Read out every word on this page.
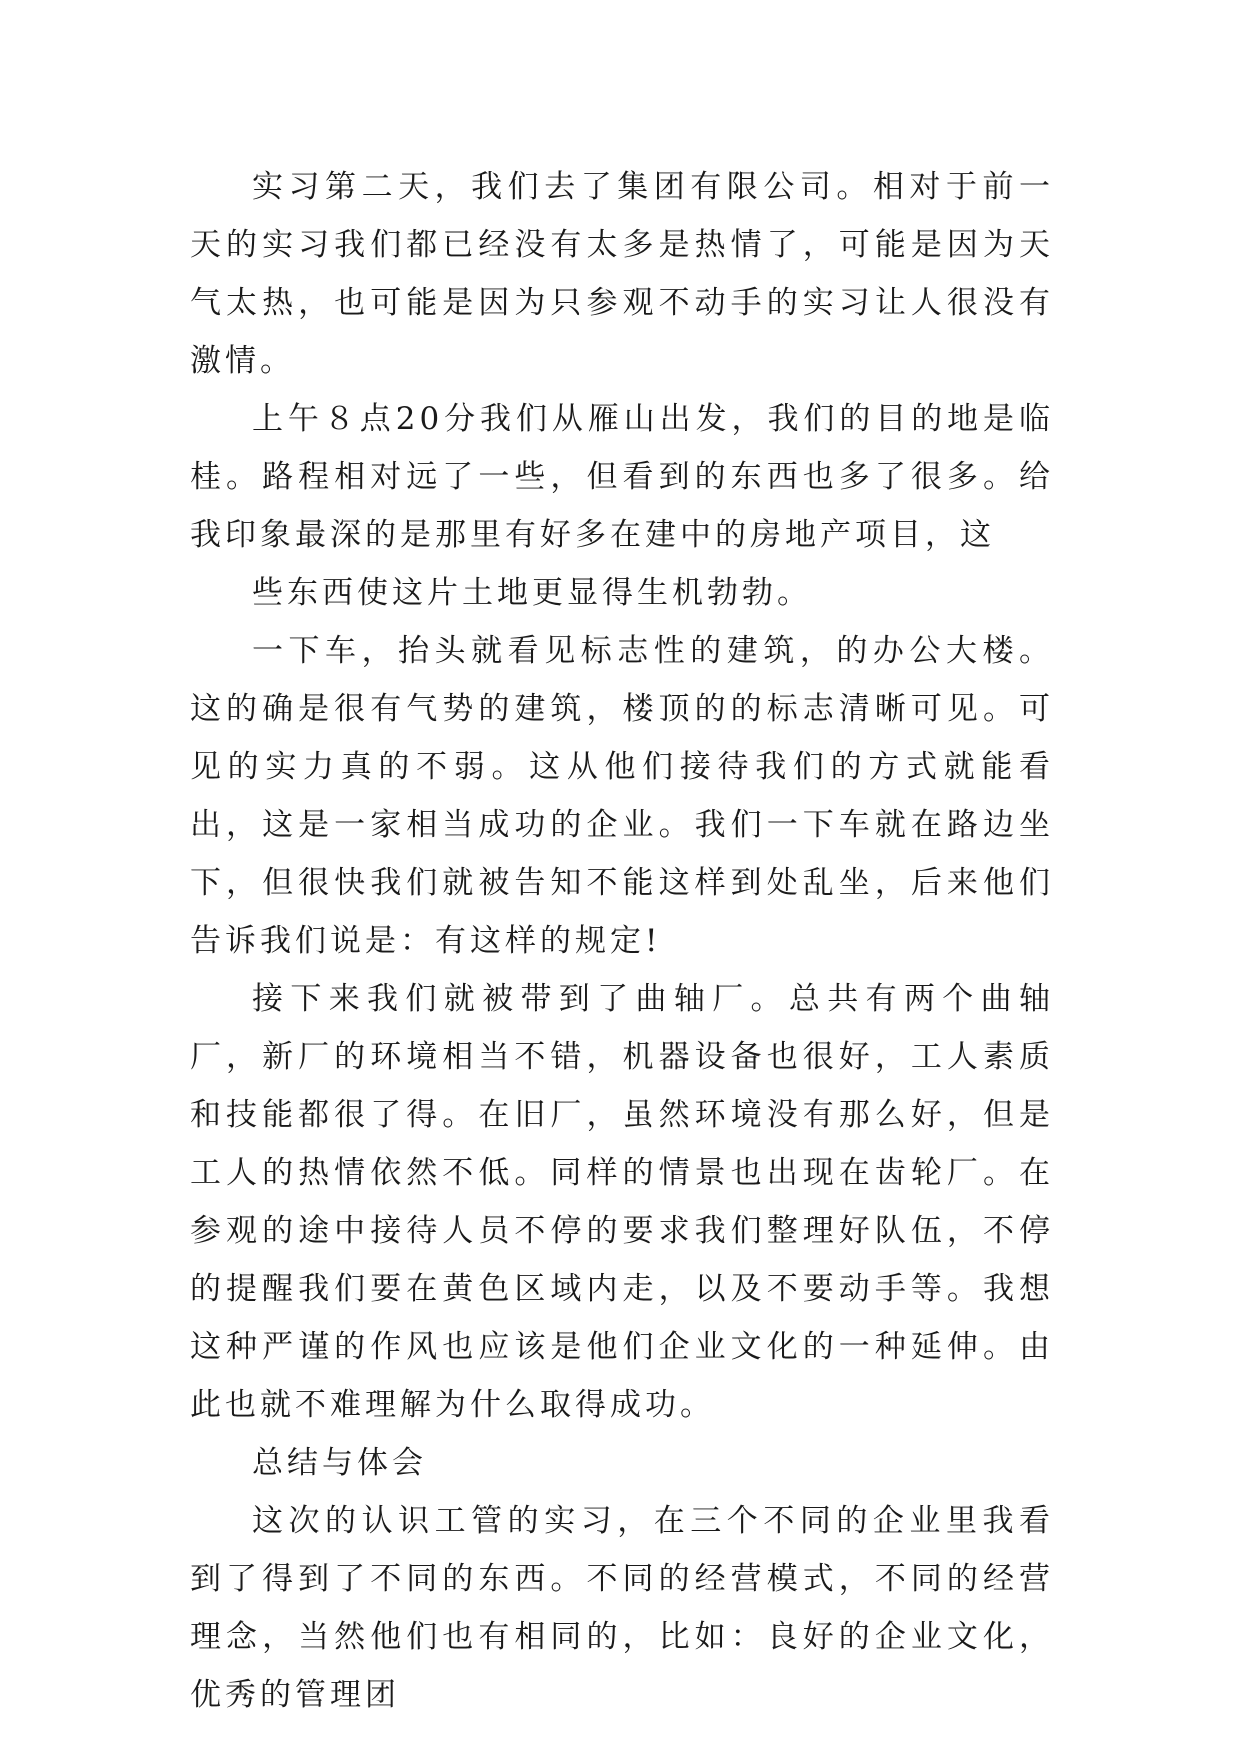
实习第二天，我们去了集团有限公司。相对于前一天的实习我们都已经没有太多是热情了，可能是因为天气太热，也可能是因为只参观不动手的实习让人很没有激情。

上午８点20分我们从雁山出发，我们的目的地是临桂。路程相对远了一些，但看到的东西也多了很多。给我印象最深的是那里有好多在建中的房地产项目，这

些东西使这片土地更显得生机勃勃。

一下车，抬头就看见标志性的建筑，的办公大楼。这的确是很有气势的建筑，楼顶的的标志清晰可见。可见的实力真的不弱。这从他们接待我们的方式就能看出，这是一家相当成功的企业。我们一下车就在路边坐下，但很快我们就被告知不能这样到处乱坐，后来他们告诉我们说是：有这样的规定!

接下来我们就被带到了曲轴厂。总共有两个曲轴厂，新厂的环境相当不错，机器设备也很好，工人素质和技能都很了得。在旧厂，虽然环境没有那么好，但是工人的热情依然不低。同样的情景也出现在齿轮厂。在参观的途中接待人员不停的要求我们整理好队伍，不停的提醒我们要在黄色区域内走，以及不要动手等。我想这种严谨的作风也应该是他们企业文化的一种延伸。由此也就不难理解为什么取得成功。

总结与体会

这次的认识工管的实习，在三个不同的企业里我看到了得到了不同的东西。不同的经营模式，不同的经营理念，当然他们也有相同的，比如：良好的企业文化，优秀的管理团
